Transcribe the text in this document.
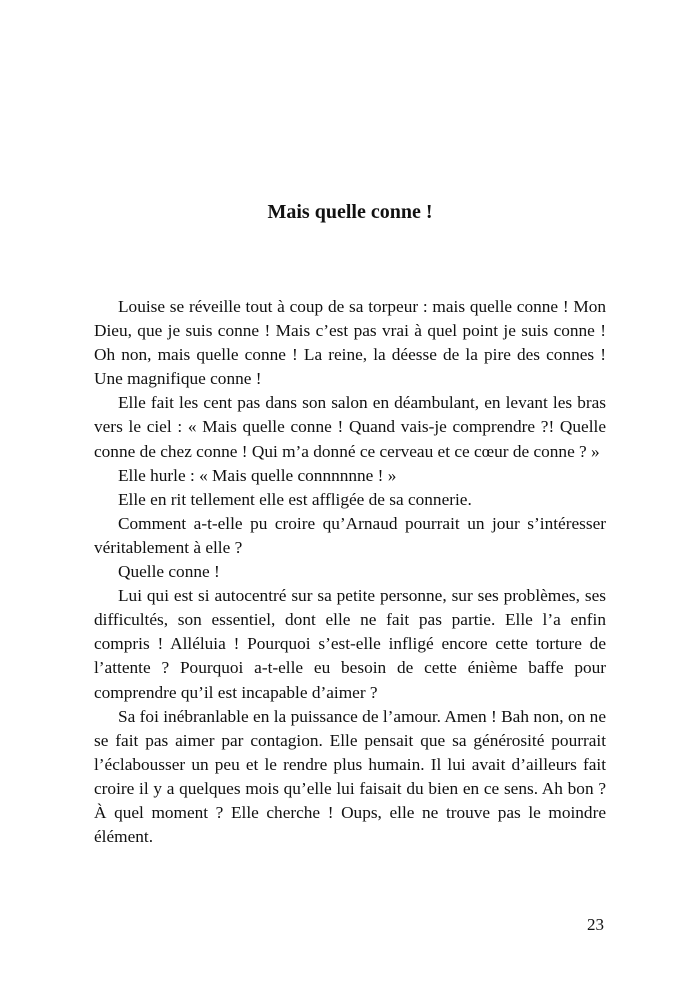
Mais quelle conne !

Louise se réveille tout à coup de sa torpeur : mais quelle conne ! Mon Dieu, que je suis conne ! Mais c’est pas vrai à quel point je suis conne ! Oh non, mais quelle conne ! La reine, la déesse de la pire des connes ! Une magnifique conne !

Elle fait les cent pas dans son salon en déambulant, en levant les bras vers le ciel : « Mais quelle conne ! Quand vais-je comprendre ?! Quelle conne de chez conne ! Qui m’a donné ce cerveau et ce cœur de conne ? »

Elle hurle : « Mais quelle connnnnne ! »

Elle en rit tellement elle est affligée de sa connerie.

Comment a-t-elle pu croire qu’Arnaud pourrait un jour s’intéresser véritablement à elle ?

Quelle conne !

Lui qui est si autocentré sur sa petite personne, sur ses problèmes, ses difficultés, son essentiel, dont elle ne fait pas partie. Elle l’a enfin compris ! Alléluia ! Pourquoi s’est-elle infligé encore cette torture de l’attente ? Pourquoi a-t-elle eu besoin de cette énième baffe pour comprendre qu’il est incapable d’aimer ?

Sa foi inébranlable en la puissance de l’amour. Amen ! Bah non, on ne se fait pas aimer par contagion. Elle pensait que sa générosité pourrait l’éclabousser un peu et le rendre plus humain. Il lui avait d’ailleurs fait croire il y a quelques mois qu’elle lui faisait du bien en ce sens. Ah bon ? À quel moment ? Elle cherche ! Oups, elle ne trouve pas le moindre élément.

23
